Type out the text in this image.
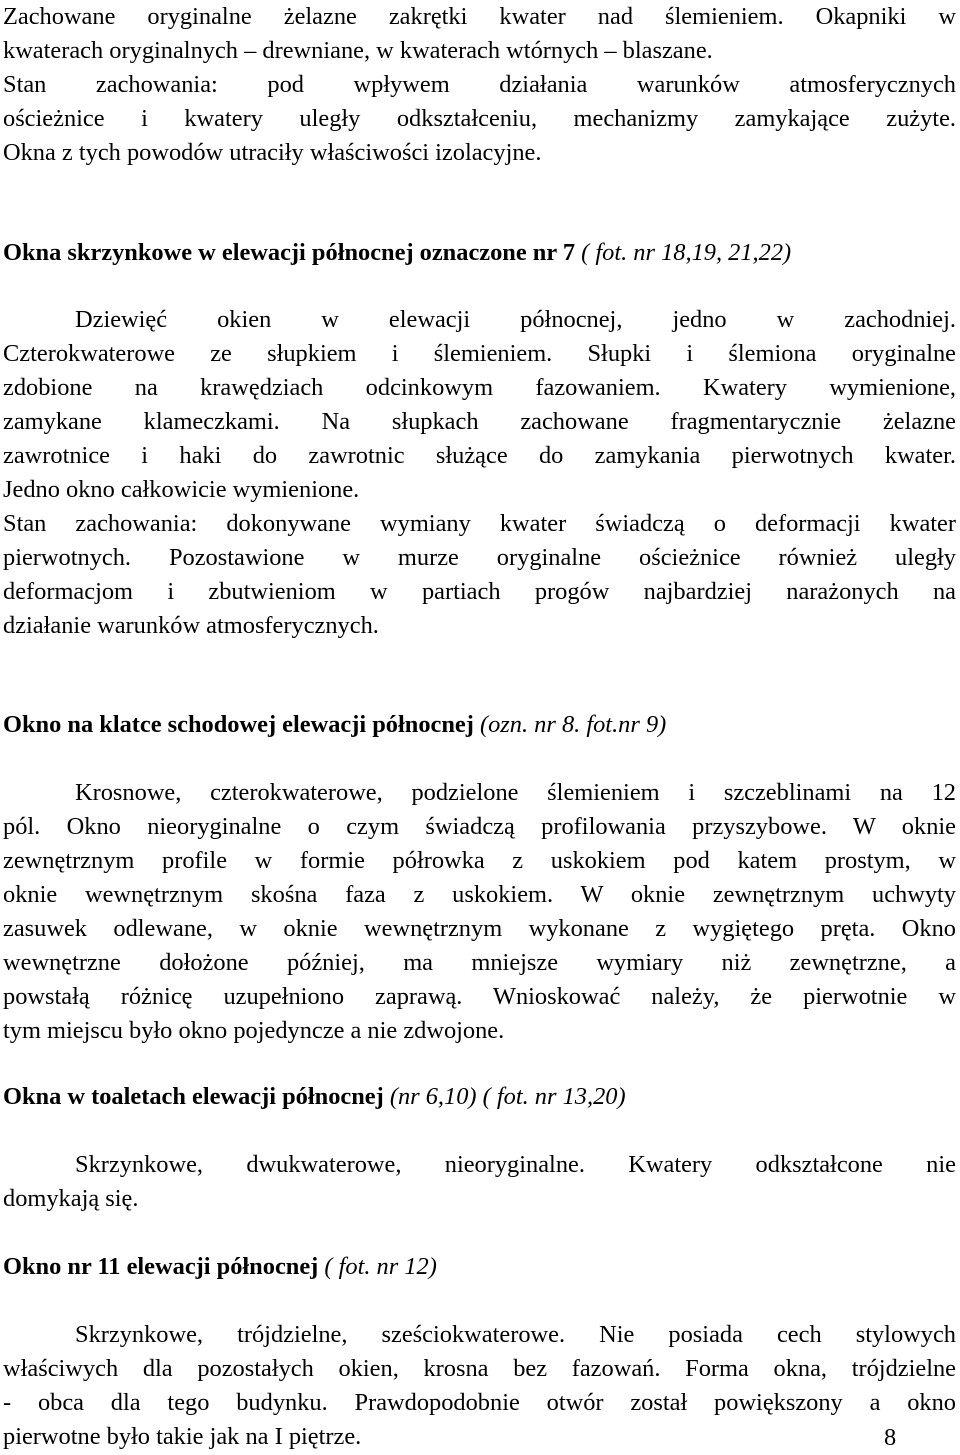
Zachowane oryginalne żelazne zakrętki kwater nad ślemieniem. Okapniki w
kwaterach oryginalnych – drewniane, w kwaterach wtórnych – blaszane.
Stan zachowania: pod wpływem działania warunków atmosferycznych
ościeżnice i kwatery uległy odkształceniu, mechanizmy zamykające zużyte.
Okna z tych powodów utraciły właściwości izolacyjne.

Okna skrzynkowe w elewacji północnej oznaczone nr 7 ( fot. nr 18,19, 21,22)

Dziewięć okien w elewacji północnej, jedno w zachodniej.
Czterokwaterowe ze słupkiem i ślemieniem. Słupki i ślemiona oryginalne
zdobione na krawędziach odcinkowym fazowaniem. Kwatery wymienione,
zamykane klameczkami. Na słupkach zachowane fragmentarycznie żelazne
zawrotnice i haki do zawrotnic służące do zamykania pierwotnych kwater.
Jedno okno całkowicie wymienione.
Stan zachowania: dokonywane wymiany kwater świadczą o deformacji kwater
pierwotnych. Pozostawione w murze oryginalne ościeżnice również uległy
deformacjom i zbutwieniom w partiach progów najbardziej narażonych na
działanie warunków atmosferycznych.

Okno na klatce schodowej elewacji północnej (ozn. nr 8. fot.nr 9)

Krosnowe, czterokwaterowe, podzielone ślemieniem i szczeblinami na 12
pól. Okno nieoryginalne o czym świadczą profilowania przyszybowe. W oknie
zewnętrznym profile w formie półrowka z uskokiem pod katem prostym, w
oknie wewnętrznym skośna faza z uskokiem. W oknie zewnętrznym uchwyty
zasuwek odlewane, w oknie wewnętrznym wykonane z wygiętego pręta. Okno
wewnętrzne dołożone później, ma mniejsze wymiary niż zewnętrzne, a
powstałą różnicę uzupełniono zaprawą. Wnioskować należy, że pierwotnie w
tym miejscu było okno pojedyncze a nie zdwojone.

Okna w toaletach elewacji północnej (nr 6,10) ( fot. nr 13,20)

Skrzynkowe, dwukwaterowe, nieoryginalne. Kwatery odkształcone nie
domykają się.

Okno nr 11 elewacji północnej ( fot. nr 12)

Skrzynkowe, trójdzielne, sześciokwaterowe. Nie posiada cech stylowych
właściwych dla pozostałych okien, krosna bez fazowań. Forma okna, trójdzielne
- obca dla tego budynku. Prawdopodobnie otwór został powiększony a okno
pierwotne było takie jak na I piętrze.	8
